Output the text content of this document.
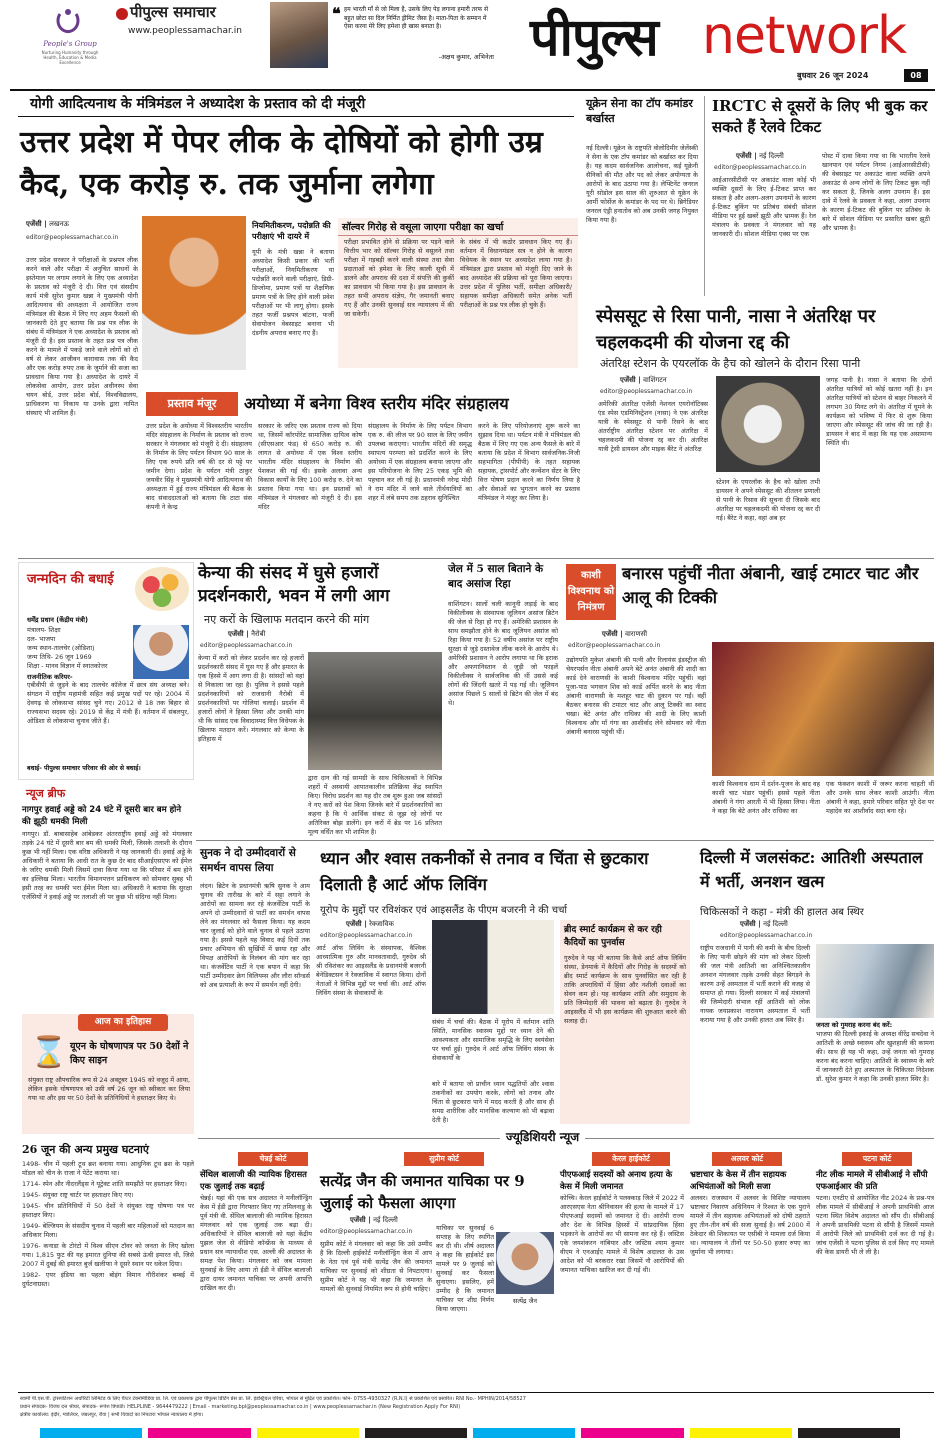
People's Group
Nurturing Humanity through Health, Education & Media Excellence
पीपुल्स समाचार
www.peoplessamachar.in
❝ हम भारती माँ से जो मिला है, उसके लिए पेड़ लगाना हमारी तरफ से बहुत छोटा सा दिल निर्मित ड्रीमिट जैसा है। माता-पिता के सम्मान में ऐसा करना मेरे लिए हमेशा ही खास बनाता है।
-अक्षय कुमार, अभिनेता पीपुल्स network
बुधवार 26 जून 2024	08
योगी आदित्यनाथ के मंत्रिमंडल ने अध्यादेश के प्रस्ताव को दी मंजूरी
उत्तर प्रदेश में पेपर लीक के दोषियों को होगी उम्र कैद, एक करोड़ रु. तक जुर्माना लगेगा
एजेंसी | लखनऊ
editor@peoplessamachar.co.in
उत्तर प्रदेश सरकार ने परीक्षाओं के प्रश्नपत्र लीक करने वाले और परीक्षा में अनुचित साधनों के इस्तेमाल पर लगाम लगाने के लिए एक अध्यादेश के प्रस्ताव को मंजूरी दे दी। वित्त एवं संसदीय कार्य मंत्री सुरेश कुमार खन्ना ने मुख्यमंत्री योगी आदित्यनाथ की अध्यक्षता में आयोजित राज्य मंत्रिमंडल की बैठक में लिए गए अहम फैसलों की जानकारी देते हुए बताया कि प्रश्न पत्र लीक के संबंध में मंत्रिमंडल ने एक अध्यादेश के प्रस्ताव को मंजूरी दी है। इस प्रस्ताव के तहत प्रश्न पत्र लीक करने के मामले में पकड़े जाने वाले लोगों को दो वर्ष से लेकर आजीवन कारावास तक की कैद और एक करोड़ रुपए तक के जुर्माने की सजा का प्रावधान किया गया है। अध्यादेश के दायरे में लोकसेवा आयोग, उत्तर प्रदेश अधीनस्थ सेवा चयन बोर्ड, उत्तर प्रदेश बोर्ड, विश्वविद्यालय, प्राधिकरण या निकाय या उनके द्वारा नामित संस्थाएं भी शामिल हैं।
नियमितीकरण, पदोन्नति की परीक्षाएं भी दायरे में
यूपी के मंत्री खन्ना ने बताया अध्यादेश किसी प्रकार की भर्ती परीक्षाओं, नियमितीकरण या पदोन्नति करने वाली परीक्षाएं, डिग्री-डिप्लोमा, प्रमाण पत्रों या शैक्षणिक प्रमाण पत्रों के लिए होने वाली प्रवेश परीक्षाओं पर भी लागू होगा। इसके तहत फर्जी प्रश्नपत्र बांटना, फर्जी सेवायोजन वेबसाइट बनाना भी दंडनीय अपराध बनाए गए हैं।
सॉल्वर गिरोह से वसूला जाएगा परीक्षा का खर्चा
परीक्षा प्रभावित होने से प्रक्रिया पर पड़ने वाले वित्तीय भार को सॉल्वर गिरोह से वसूलने तथा परीक्षा में गड़बड़ी करने वाली संस्था तथा सेवा प्रदाताओं को हमेशा के लिए काली सूची में डालने और अपराध की दशा में संपत्ति की कुर्की का प्रावधान भी किया गया है। इस प्रावधान के तहत सभी अपराध संज्ञेय, गैर जमानती बनाए गए हैं और उनकी सुनवाई सत्र न्यायालय में की जा सकेगी।
के संबंध में भी कठोर प्रावधान किए गए हैं। वर्तमान में विधानमंडल सत्र न होने के कारण विधेयक के स्थान पर अध्यादेश लाया गया है। मंत्रिमंडल द्वारा प्रस्ताव को मंजूरी दिए जाने के बाद अध्यादेश की प्रक्रिया को पूरा किया जाएगा। उत्तर प्रदेश में पुलिस भर्ती, समीक्षा अधिकारी/सहायक समीक्षा अधिकारी समेत अनेक भर्ती परीक्षाओं के प्रश्न पत्र लीक हो चुके हैं।
प्रस्ताव मंजूर	अयोध्या में बनेगा विश्व स्तरीय मंदिर संग्रहालय
उत्तर प्रदेश के अयोध्या में विश्वस्तरीय भारतीय मंदिर संग्रहालय के निर्माण के प्रस्ताव को राज्य सरकार ने मंगलवार को मंजूरी दे दी। संग्रहालय के निर्माण के लिए पर्यटन विभाग 90 साल के लिए एक रुपये प्रति वर्ष की दर से पट्टे पर जमीन देगा। प्रदेश के पर्यटन मंत्री ठाकुर जयवीर सिंह ने मुख्यमंत्री योगी आदित्यनाथ की अध्यक्षता में हुई राज्य मंत्रिमंडल की बैठक के बाद संवाददाताओं को बताया कि टाटा संस कंपनी ने केन्द्र
सरकार के जरिए एक प्रस्ताव राज्य को दिया था, जिसमें कॉरपोरेट सामाजिक दायित्व कोष (सीएसआर फंड) से 650 करोड़ रु. की लागत से अयोध्या में एक विश्व स्तरीय भारतीय मंदिर संग्रहालय के निर्माण की पेशकश की गई थी। इसके अलावा अन्य विकास कार्यों के लिए 100 करोड़ रु. देने का प्रस्ताव किया गया था। इन प्रस्तावों को मंत्रिमंडल ने मंगलवार को मंजूरी दे दी। इस मंदिर
संग्रहालय के निर्माण के लिए पर्यटन विभाग एक रु. की लीज पर 90 साल के लिए जमीन उपलब्ध कराएगा। भारतीय मंदिरों की समृद्ध स्थापत्य परम्परा को प्रदर्शित करने के लिए अयोध्या में एक संग्रहालय बनाया जाएगा और इस परियोजना के लिए 25 एकड़ भूमि की पहचान कर ली गई है। प्रधानमंत्री नरेन्द्र मोदी ने राम मंदिर में जाने वाले तीर्थयात्रियों का शहर में लंबे समय तक ठहराव सुनिश्चित
करने के लिए परियोजनाएं शुरू करने का सुझाव दिया था। पर्यटन मंत्री ने मंत्रिमंडल की बैठक में लिए गए एक अन्य फैसले के बारे में बताया कि प्रदेश में विभाग सार्वजनिक-निजी सहभागिता (पीपीपी) के तहत सहायक सहायक, ट्रांसपोर्ट और कन्वेंशन सेंटर के लिए वित्त पोषण प्रदान करने का निर्णय लिया है और सेवाओं का भुगतान करने का प्रस्ताव मंत्रिमंडल ने मंजूर कर लिया है।
यूक्रेन सेना का टॉप कमांडर बर्खास्त
नई दिल्ली। यूक्रेन के राष्ट्रपति वोलोदिमीर जेलेंस्की ने सेना के एक टॉप कमांडर को बर्खास्त कर दिया है। यह कदम सार्वजनिक आलोचना, कई यूक्रेनी सैनिकों की मौत और पद को लेकर अयोग्यता के आरोपों के बाद उठाया गया है। लेफ्टिनेंट जनरल यूरी सोडोल इस साल की शुरुआत से यूक्रेन के आर्मी फोर्सेज के कमांडर के पद पर थे। ब्रिगेडियर जनरल एंड्री हनातोव को अब उनकी जगह नियुक्त किया गया है।
IRCTC से दूसरों के लिए भी बुक कर सकते हैं रेलवे टिकट
एजेंसी | नई दिल्ली
editor@peoplessamachar.co.in
आईआरसीटीसी पर अकाउंट वाला कोई भी व्यक्ति दूसरों के लिए ई-टिकट प्राप्त कर सकता है और अलग-अलग उपनामों के कारण ई-टिकट बुकिंग पर प्रतिबंध संबंधी सोशल मीडिया पर हुई खबरें झूठी और भ्रामक हैं। रेल मंत्रालय के प्रवक्ता ने मंगलवार को यह जानकारी दी। सोशल मीडिया एक्स पर एक
पोस्ट में दावा किया गया था कि भारतीय रेलवे खानपान एवं पर्यटन निगम (आईआरसीटीसी) की वेबसाइट पर अकाउंट वाला व्यक्ति अपने अकाउंट से अन्य लोगों के लिए टिकट बुक नहीं कर सकता है, जिनके अलग उपनाम हैं। इस दावे में रेलवे के प्रवक्ता ने कहा, अलग उपनाम के कारण ई-टिकट की बुकिंग पर प्रतिबंध के बारे में सोशल मीडिया पर प्रसारित खबर झूठी और भ्रामक है।
स्पेससूट से रिसा पानी, नासा ने अंतरिक्ष पर चहलकदमी की योजना रद्द की
अंतरिक्ष स्टेशन के एयरलॉक के हैच को खोलने के दौरान रिसा पानी
एजेंसी | वाशिंगटन
editor@peoplessamachar.co.in
अमेरिकी अंतरिक्ष एजेंसी नेशनल एयरोनॉटिक्स एंड स्पेस एडमिनिस्ट्रेशन (नासा) ने एक अंतरिक्ष यात्री के स्पेससूट से पानी रिसने के बाद अंतर्राष्ट्रीय अंतरिक्ष स्टेशन पर अंतरिक्ष में चहलकदमी की योजना रद्द कर दी। अंतरिक्ष यात्री ट्रेसी डायसन और माइक बैरेट ने अंतरिक्ष
स्टेशन के एयरलॉक के हैच को खोला तभी डायसन ने अपने स्पेससूट की शीतलन प्रणाली से पानी के रिसाव की सूचना दी जिसके बाद अंतरिक्ष पर चहलकदमी की योजना रद्द कर दी गई। बैरेट ने कहा, वहां अब हर
जगह पानी है। नासा ने बताया कि दोनों अंतरिक्ष यात्रियों को कोई खतरा नहीं है। इन अंतरिक्ष यात्रियों को स्टेशन से बाहर निकलने में लगभग 30 मिनट लगे थे। अंतरिक्ष में घूमने के कार्यक्रम को भविष्य में फिर से शुरू किया जाएगा और स्पेससूट की जांच की जा रही है। डायसन ने बाद में कहा कि यह एक असामान्य स्थिति थी।
जन्मदिन की बधाई
धर्मेंद्र प्रधान (केंद्रीय मंत्री)
मंत्रालय- शिक्षा
दल- भाजपा
जन्म स्थान-तालचेर (ओडिशा)
जन्म तिथि- 26 जून 1969
शिक्षा - मानव विज्ञान में स्नातकोत्तर
राजनीतिक करियर-
एबीवीपी से जुड़ने के बाद तालचेर कॉलेज में छात्र संघ अध्यक्ष बने। संगठन में राष्ट्रीय महामंत्री सहित कई प्रमुख पदों पर रहे। 2004 में देवगढ़ से लोकसभा सांसद चुने गए। 2012 से 18 तक बिहार से राज्यसभा सदस्य रहे। 2019 से केंद्र में मंत्री हैं। वर्तमान में संबलपुर, ओडिशा से लोकसभा चुनाव जीते हैं।
बधाई- पीपुल्स समाचार परिवार की ओर से बधाई।
केन्या की संसद में घुसे हजारों प्रदर्शनकारी, भवन में लगी आग
नए करों के खिलाफ मतदान करने की मांग
एजेंसी | नैरोबी
editor@peoplessamachar.co.in
केन्या में करों को लेकर प्रदर्शन कर रहे हजारों प्रदर्शनकारी संसद में घुस गए हैं और इमारत के एक हिस्से में आग लगा दी है। सांसदों को वहां से निकाला जा रहा है। पुलिस ने इससे पहले प्रदर्शनकारियों को राजधानी नैरोबी में प्रदर्शनकारियों पर गोलियां चलाई। प्रदर्शन में हजारों लोगों ने हिस्सा लिया और उनकी मांग थी कि सांसद एक विवादास्पद वित्त विधेयक के खिलाफ मतदान करें। मंगलवार को केन्या के इतिहास में
द्वारा दान की गई सामग्री के साथ चिकित्सकों ने विभिन्न शहरों में अस्थायी आपातकालीन प्रतिक्रिया केंद्र स्थापित किए। विरोध प्रदर्शन का यह दौर तब शुरू हुआ जब सांसदों ने नए करों को पेश किया जिनके बारे में प्रदर्शनकारियों का कहना है कि ये आर्थिक संकट से जूझ रहे लोगों पर अतिरिक्त बोझ डालेंगे। इन करों में ब्रेड पर 16 प्रतिशत मूल्य वर्धित कर भी शामिल है।
जेल में 5 साल बिताने के बाद असांज रिहा
वाशिंगटन। सालों चली कानूनी लड़ाई के बाद विकीलीक्स के संस्थापक जूलियन असांज ब्रिटेन की जेल से रिहा हो गए हैं। अमेरिकी प्रशासन के साथ समझौता होने के बाद जूलियन असांज को रिहा किया गया है। 52 वर्षीय असांज पर राष्ट्रीय सुरक्षा से जुड़े दस्तावेज लीक करने के आरोप थे। अमेरिकी प्रशासन ने आरोप लगाया था कि इराक और अफगानिस्तान से जुड़ी जो फाइलें विकीलीक्स ने सार्वजनिक की थीं उससे कई लोगों की जिंदगी खतरे में पड़ गई थी। जूलियन असांज पिछले 5 सालों से ब्रिटेन की जेल में बंद थे।
काशी विश्वनाथ को निमंत्रण
बनारस पहुंचीं नीता अंबानी, खाई टमाटर चाट और आलू की टिक्की
एजेंसी | वाराणसी
editor@peoplessamachar.co.in
उद्योगपति मुकेश अंबानी की पत्नी और रिलायंस इंडस्ट्रीज की चेयरपर्सन नीता अंबानी अपने बेटे अनंत अंबानी की शादी का कार्ड देने वाराणसी के काशी विश्वनाथ मंदिर पहुंचीं। वहां पूजा-पाठ भगवान शिव को कार्ड अर्पित करने के बाद नीता अंबानी वाराणसी के मशहूर चाट की दुकान पर गईं। वहीं बैठकर बनारस की टमाटर चाट और आलू टिक्की का स्वाद चखा। बेटे अनंत और राधिका की शादी के लिए काशी विश्वनाथ और माँ गंगा का आशीर्वाद लेने सोमवार को नीता अंबानी बनारस पहुंची थीं।
काशी विश्वनाथ धाम में दर्शन-पूजन के बाद वह काशी चाट भंडार पहुंचीं। इससे पहले नीता अंबानी ने गंगा आरती में भी हिस्सा लिया। नीता ने कहा कि बेटे अनंत और राधिका का
एक फंक्शन काशी में जरूर करना चाहती थीं और उनके साथ लेकर काशी आउंगी। नीता अंबानी ने कहा, हमारे परिवार सहित पूरे देश पर महादेव का आशीर्वाद सदा बना रहे।
न्यूज ब्रीफ
नागपुर हवाई अड्डे को 24 घंटे में दूसरी बार बम होने की झूठी धमकी मिली
नागपुर। डॉ. बाबासाहेब आंबेडकर अंतरराष्ट्रीय हवाई अड्डे को मंगलवार तड़के 24 घंटे में दूसरी बार बम की धमकी मिली, जिसके तलाशी के दौरान कुछ भी नहीं मिला। एक वरिष्ठ अधिकारी ने यह जानकारी दी। हवाई अड्डे के अधिकारी ने बताया कि आधी रात के कुछ देर बाद सीआईएसएफ को ईमेल के जरिए धमकी मिली जिसमें दावा किया गया था कि परिसर में बम होने का इल्लिख मिला। भारतीय विमानपत्तन प्राधिकरण को सोमवार सुबह भी इसी तरह का धमकी भरा ईमेल मिला था। अधिकारी ने बताया कि सुरक्षा एजेंसियों ने हवाई अड्डे पर तलाशी ली पर कुछ भी संदिग्ध नहीं मिला।
आज का इतिहास
⌛ यूएन के घोषणापत्र पर 50 देशों ने किए साइन
संयुक्त राष्ट्र औपचारिक रूप से 24 अक्टूबर 1945 को वजूद में आया, लेकिन इसके घोषणापत्र को उसी वर्ष 26 जून को स्वीकार कर लिया गया था और इस पर 50 देशों के प्रतिनिधियों ने हस्ताक्षर किए थे।
26 जून की अन्य प्रमुख घटनाएं
1498- चीन में पहली टूथ ब्रश बनाया गया। आधुनिक टूथ ब्रश के पहले मॉडल को चीन के राजा ने पेटेंट कराया था।
1714- स्पेन और नीदरलैंड्स ने यूट्रेक्ट शांति समझौते पर हस्ताक्षर किए।
1945- संयुक्त राष्ट्र चार्टर पर हस्ताक्षर किए गए।
1945- चीन प्रतिनिधियों में 50 देशों ने संयुक्त राष्ट्र घोषणा पत्र पर हस्ताक्षर किए।
1949- बेल्जियम के संसदीय चुनाव में पहली बार महिलाओं को मतदान का अधिकार मिला।
1976- कनाडा के टोरंटो में विश्व सीएन टॉवर को जनता के लिए खोला गया। 1,815 फुट की यह इमारत दुनिया की सबसे ऊंची इमारत थी, जिसे 2007 में दुबई की इमारत बुर्ज खलीफा ने दूसरे स्थान पर धकेल दिया।
1982- एयर इंडिया का पहला बोइंग विमान गौरीशंकर बम्बई में दुर्घटनाग्रस्त।
सुनक ने दो उम्मीदवारों से समर्थन वापस लिया
लंदन। ब्रिटेन के प्रधानमंत्री ऋषि सुनक ने आम चुनाव की तारीख के बारे में सट्टा लगाने के आरोपों का सामना कर रहे कंजर्वेटिव पार्टी के अपने दो उम्मीदवारों से पार्टी का समर्थन वापस लेने का मंगलवार को फैसला किया। यह कदम चार जुलाई को होने वाले चुनाव से पहले उठाया गया है। इससे पहले यह विवाद कई दिनों तक प्रचार अभियान की सुर्खियों में छाया रहा और विपक्ष आरोपियों के निलंबन की मांग कर रहा था। कंजर्वेटिव पार्टी ने एक बयान में कहा कि पार्टी उम्मीदवार क्रेग विलियम्स और लौरा सॉन्डर्स को अब प्रत्याशी के रूप में समर्थन नहीं देगी।
ध्यान और श्वास तकनीकों से तनाव व चिंता से छुटकारा दिलाती है आर्ट ऑफ लिविंग
यूरोप के मुद्दों पर रविशंकर एवं आइसलैंड के पीएम बजरनी ने की चर्चा
एजेंसी | रेक्जाविक
editor@peoplessamachar.co.in
आर्ट ऑफ लिविंग के संस्थापक, वैश्विक आध्यात्मिक गुरु और मानवतावादी, गुरुदेव श्री श्री रविशंकर का आइसलैंड के प्रधानमंत्री बजरनी बेनेडिक्टसन ने रेक्जाविक में स्वागत किया। दोनों नेताओं ने विभिन्न मुद्दों पर चर्चा की। आर्ट ऑफ लिविंग संस्था के सेवाकार्यों के
संबंध में चर्चा की। बैठक में यूरोप में वर्तमान शांति स्थिति, मानसिक स्वास्थ्य मुद्दों पर ध्यान देने की आवश्यकता और सामाजिक समृद्धि के लिए स्वयंसेवा पर चर्चा हुई। गुरुदेव ने आर्ट ऑफ लिविंग संस्था के सेवाकार्यों के
बारे में बताया जो प्राचीन ध्यान पद्धतियों और श्वास तकनीकों का उपयोग करके, लोगों को तनाव और चिंता से छुटकारा पाने में मदद करती है और साथ ही समग्र शारीरिक और मानसिक कल्याण को भी बढ़ावा देती है।
ब्रीद स्मार्ट कार्यक्रम से कर रही कैदियों का पुनर्वास
गुरुदेव ने यह भी बताया कि कैसे आर्ट ऑफ लिविंग संस्था, डेनमार्क में कैदियों और गिरोह के सदस्यों को ब्रीद स्मार्ट कार्यक्रम के साथ पुनर्वासित कर रही है ताकि अपराधियों में हिंसा और नशीली दवाओं का सेवन कम हो। यह कार्यक्रम शांति और समुदाय के प्रति जिम्मेदारी की भावना को बढ़ाता है। गुरुदेव ने आइसलैंड में भी इस कार्यक्रम की शुरुआत करने की सलाह दी।
दिल्ली में जलसंकट: आतिशी अस्पताल में भर्ती, अनशन खत्म
चिकित्सकों ने कहा - मंत्री की हालत अब स्थिर
एजेंसी | नई दिल्ली
editor@peoplessamachar.co.in
राष्ट्रीय राजधानी में पानी की कमी के बीच दिल्ली के लिए पानी छोड़ने की मांग को लेकर दिल्ली की जल मंत्री आतिशी का अनिश्चितकालीन अनशन मंगलवार तड़के उनकी सेहत बिगड़ने के कारण उन्हें अस्पताल में भर्ती कराने की वजह से समाप्त हो गया। दिल्ली सरकार में कई मंत्रालयों की जिम्मेदारी संभाल रहीं आतिशी को लोक नायक जयप्रकाश नारायण अस्पताल में भर्ती कराया गया है और उनकी हालत अब स्थिर है।
जनता को गुमराह करना बंद करें:
भाजपा की दिल्ली इकाई के अध्यक्ष वीरेंद्र सचदेवा ने आतिशी के अच्छे स्वास्थ्य और खुशहाली की कामना की। साथ ही यह भी कहा, उन्हें जनता को गुमराह करना बंद करना चाहिए। आतिशी के स्वास्थ्य के बारे में जानकारी देते हुए अस्पताल के चिकित्सा निदेशक डॉ. सुरेश कुमार ने कहा कि उनकी हालत स्थिर है।
ज्यूडिशियरी न्यूज
चेन्नई कोर्ट
सेंथिल बालाजी की न्यायिक हिरासत एक जुलाई तक बढ़ाई
चेन्नई। यहां की एक सत्र अदालत ने मनीलॉन्ड्रिंग केस में ईडी द्वारा गिरफ्तार किए गए तमिलनाडु के पूर्व मंत्री वी. सेंथिल बालाजी की न्यायिक हिरासत मंगलवार को एक जुलाई तक बढ़ा दी। अधिकारियों ने सेंथिल बालाजी को यहां केंद्रीय पुझल जेल से वीडियो कॉन्फ्रेंस के माध्यम से प्रधान सत्र न्यायाधीश एस. अल्ली की अदालत के समक्ष पेश किया। मंगलवार को जब मामला सुनवाई के लिए आया तो ईडी ने सेंथिल बालाजी द्वारा दायर जमानत याचिका पर अपनी आपत्ति दाखिल कर दी।
सुप्रीम कोर्ट
सत्येंद्र जैन की जमानत याचिका पर 9 जुलाई को फैसला आएगा
एजेंसी | नई दिल्ली
editor@peoplessamachar.co.in
सुप्रीम कोर्ट ने मंगलवार को कहा कि उसे उम्मीद है कि दिल्ली हाईकोर्ट मनीलॉन्ड्रिंग केस में आप के नेता एवं पूर्व मंत्री सत्येंद्र जैन की जमानत याचिका पर सुनवाई को शीघ्रता से निपटाएगा। सुप्रीम कोर्ट ने यह भी कहा कि जमानत के मामलों की सुनवाई नियमित रूप से होनी चाहिए।
याचिका पर सुनवाई 6 सप्ताह के लिए स्थगित कर दी थी। शीर्ष अदालत ने कहा कि हाईकोर्ट इस मामले पर 9 जुलाई को सुनवाई कर फैसला सुनाएगा। इसलिए, हमें उम्मीद है कि जमानत याचिका पर शीघ्र निर्णय किया जाएगा।
सत्येंद्र जैन
केरल हाईकोर्ट
पीएफआई सदस्यों को अनाथ हत्या के केस में मिली जमानत
कोच्चि। केरल हाईकोर्ट ने पलक्काड़ जिले में 2022 में आरएसएस नेता श्रीनिवासन की हत्या के मामले में 17 पीएफआई सदस्यों को जमानत दे दी। आरोपी राज्य और देश के विभिन्न हिस्सों में सांप्रदायिक हिंसा भड़काने के आरोपों का भी सामना कर रहे हैं। जस्टिस एके जयशंकरन नांबियार और जस्टिस श्याम कुमार वीएम ने एनआईए मामले में विशेष अदालत के उस आदेश को भी बरकरार रखा जिसमें नौ आरोपियों की जमानत याचिका खारिज कर दी गई थी।
अलवर कोर्ट
भ्रष्टाचार के केस में तीन सहायक अभियंताओं को मिली सजा
अलवर। राजस्थान में अलवर के विशिष्ट न्यायालय भ्रष्टाचार निवारण अधिनियम ने रिश्वत के एक पुराने मामले में तीन सहायक अभियंताओं को दोषी ठहराते हुए तीन-तीन वर्ष की सजा सुनाई है। वर्ष 2000 में ठेकेदार की शिकायत पर एसीबी ने मामला दर्ज किया था। न्यायालय ने तीनों पर 50-50 हजार रुपए का जुर्माना भी लगाया।
पटना कोर्ट
नीट लीक मामले में सीबीआई ने सौंपी एफआईआर की प्रति
पटना। एनटीए से आयोजित नीट 2024 के प्रश्न-पत्र लीक मामले में सीबीआई ने अपनी प्राथमिकी आज पटना स्थित विशेष अदालत को सौंप दी। सीबीआई ने अपनी प्राथमिकी पटना से सौंपी है जिसमें मामले में आरोपी जिले को प्राथमिकी दर्ज कर दी गई है। जांच एजेंसी ने पटना पुलिस से दर्ज किए गए मामले की केस डायरी भी ले ली है।
स्वामी पी.एस.पी. ट्रांसपोर्टेशन अथॉरिटी लिमिटेड के लिए चैप्टर टेक्नोमीडिया प्रा. लि. एवं प्रकाशक द्वारा पीपुल्स प्रिंटिंग प्रेस प्रा. लि. इंडस्ट्रियल एरिया, भोपाल से मुद्रित एवं प्रकाशित। फोन- 0755-4930327 (R.N.I) से प्रकाशित एवं प्रसारित। RNI No.- MPHIN/2014/58527
प्रधान संपादक- विजय दत्त श्रीधर, संपादक- रूपेश त्रिपाठी। HELPLINE - 9644479222 | Email - marketing.bpl@peoplessamachar.co.in | www.peoplessamachar.in (New Registration Apply For RNI)
क्षेत्रीय कार्यालय: इंदौर, ग्वालियर, जबलपुर, रीवा | सभी विवादों का निपटारा भोपाल न्यायालय में होगा।
